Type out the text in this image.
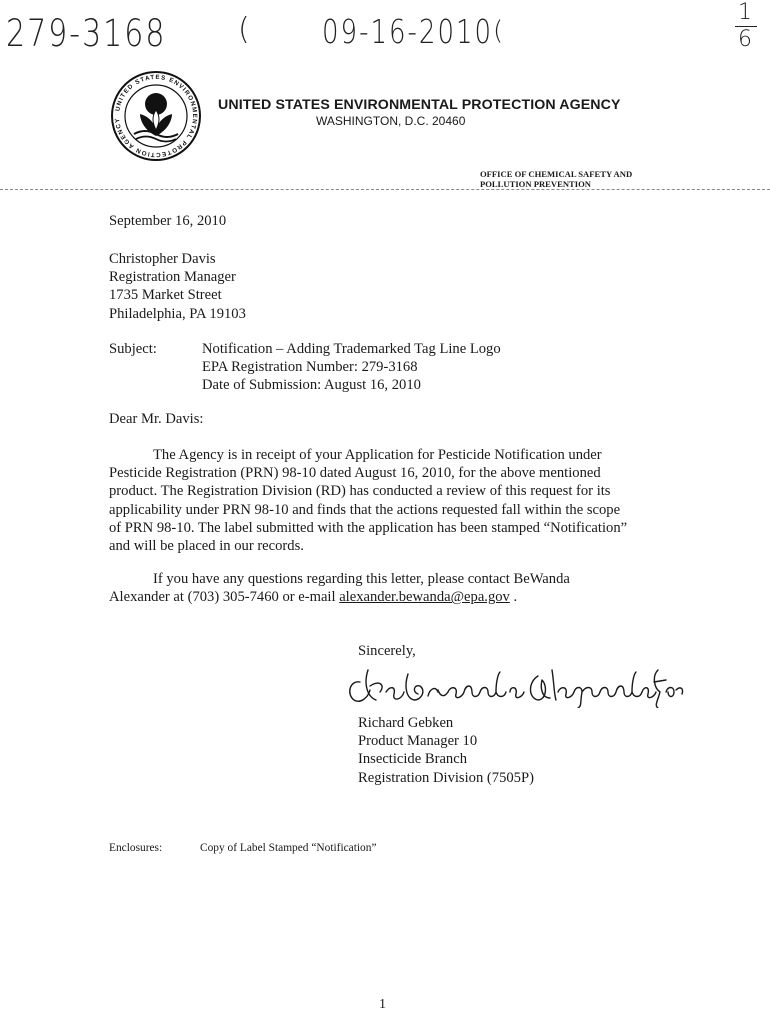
279-3168 (	09-16-2010 (
1
6
UNITED STATES ENVIRONMENTAL PROTECTION AGENCY
UNITED STATES ENVIRONMENTAL PROTECTION AGENCY
WASHINGTON, D.C. 20460
OFFICE OF CHEMICAL SAFETY AND
POLLUTION PREVENTION
September 16, 2010
Christopher Davis
Registration Manager
1735 Market Street
Philadelphia, PA 19103
Subject:	Notification – Adding Trademarked Tag Line Logo
EPA Registration Number: 279-3168
Date of Submission: August 16, 2010
Dear Mr. Davis:
The Agency is in receipt of your Application for Pesticide Notification under
Pesticide Registration (PRN) 98-10 dated August 16, 2010, for the above mentioned
product. The Registration Division (RD) has conducted a review of this request for its
applicability under PRN 98-10 and finds that the actions requested fall within the scope
of PRN 98-10. The label submitted with the application has been stamped “Notification”
and will be placed in our records.
If you have any questions regarding this letter, please contact BeWanda
Alexander at (703) 305-7460 or e-mail alexander.bewanda@epa.gov .
Sincerely,
Richard Gebken
Product Manager 10
Insecticide Branch
Registration Division (7505P)
Enclosures:	Copy of Label Stamped “Notification”
1
